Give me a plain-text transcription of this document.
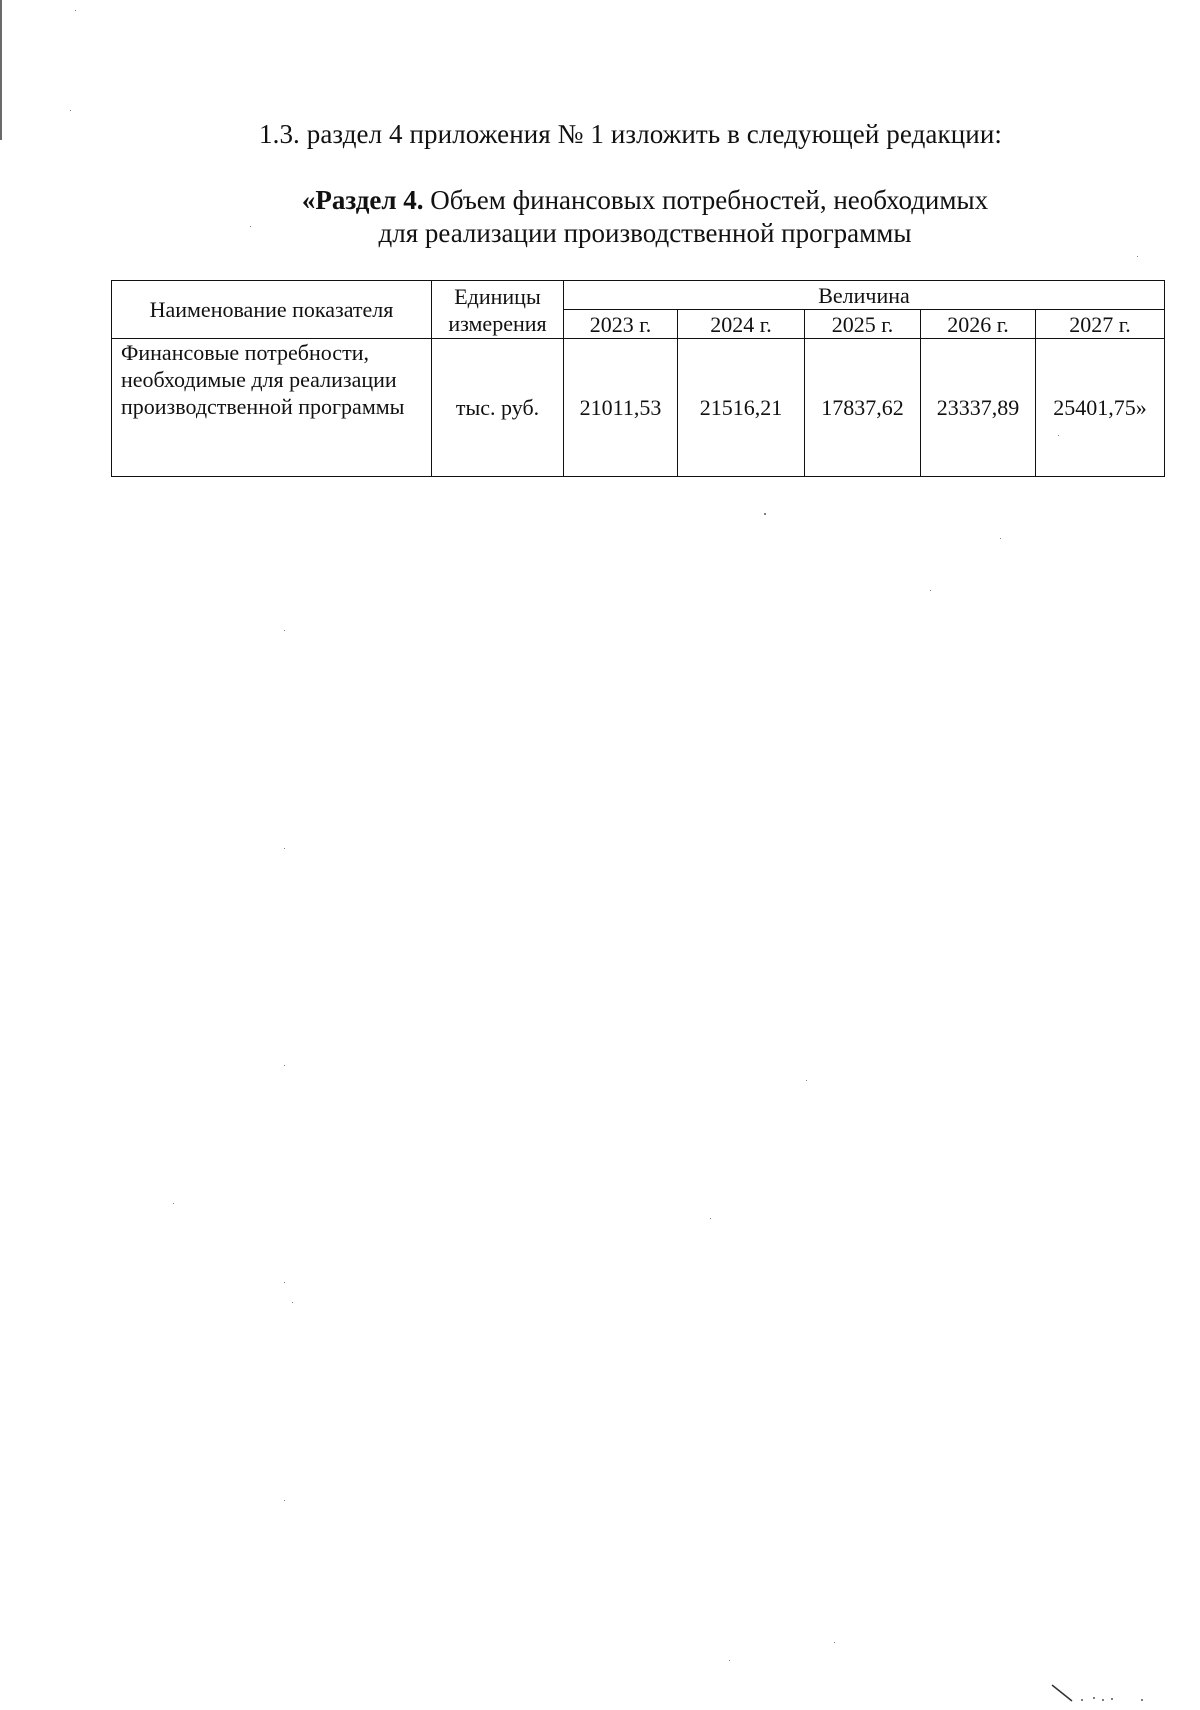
1.3. раздел 4 приложения № 1 изложить в следующей редакции:

«Раздел 4. Объем финансовых потребностей, необходимых
для реализации производственной программы
Наименование показателя	Единицы измерения	Величина				
		2023 г.	2024 г.	2025 г.	2026 г.	2027 г.
Финансовые потребности, необходимые для реализации производственной программы	тыс. руб.	21011,53	21516,21	17837,62	23337,89	25401,75»
